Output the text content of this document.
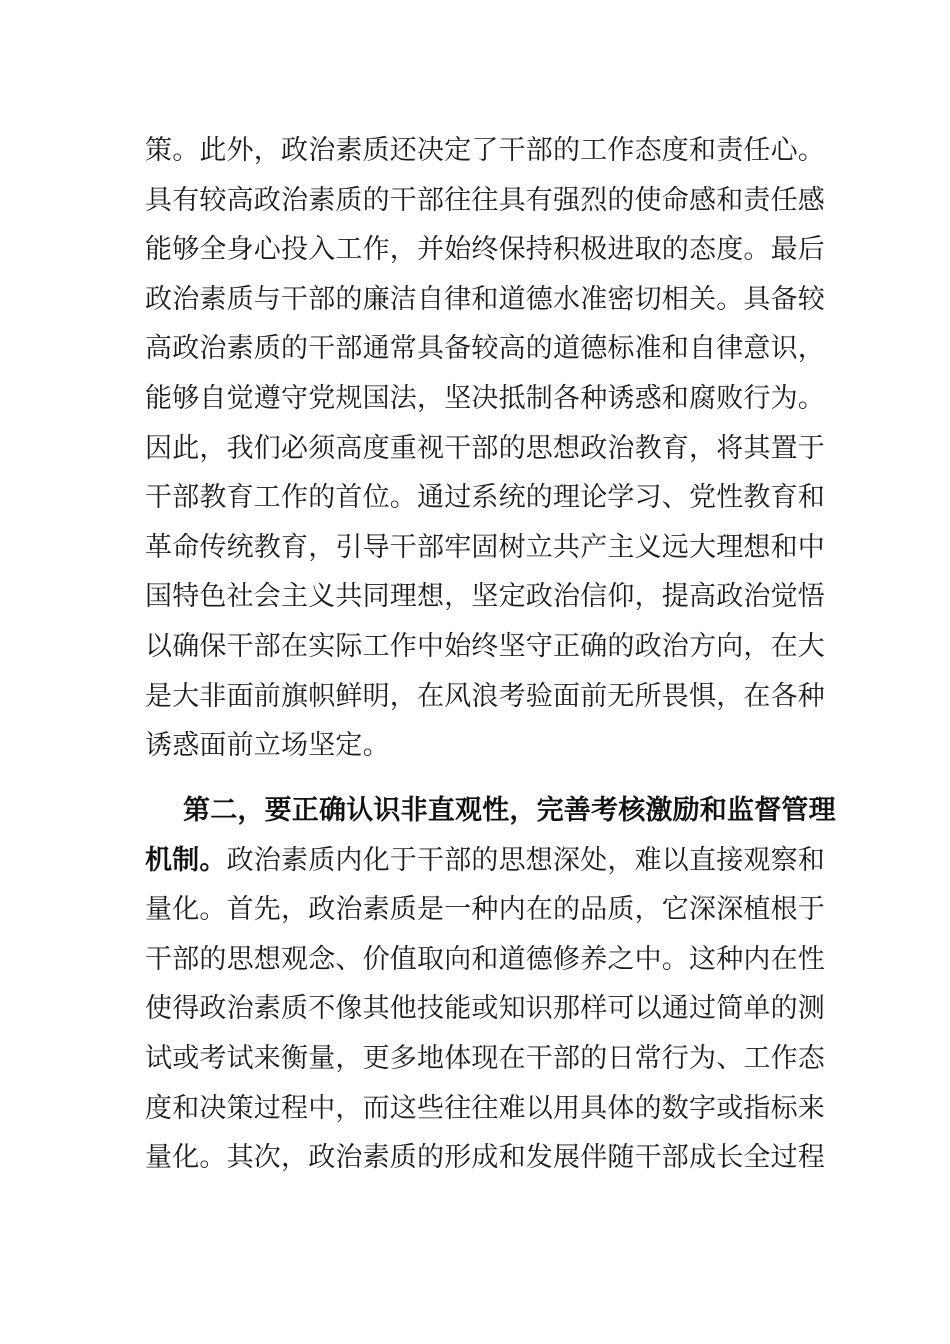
策。此外，政治素质还决定了干部的工作态度和责任心。
具有较高政治素质的干部往往具有强烈的使命感和责任感
能够全身心投入工作，并始终保持积极进取的态度。最后
政治素质与干部的廉洁自律和道德水准密切相关。具备较
高政治素质的干部通常具备较高的道德标准和自律意识，
能够自觉遵守党规国法，坚决抵制各种诱惑和腐败行为。
因此，我们必须高度重视干部的思想政治教育，将其置于
干部教育工作的首位。通过系统的理论学习、党性教育和
革命传统教育，引导干部牢固树立共产主义远大理想和中
国特色社会主义共同理想，坚定政治信仰，提高政治觉悟
以确保干部在实际工作中始终坚守正确的政治方向，在大
是大非面前旗帜鲜明，在风浪考验面前无所畏惧，在各种
诱惑面前立场坚定。
第二，要正确认识非直观性，完善考核激励和监督管理
机制。政治素质内化于干部的思想深处，难以直接观察和
量化。首先，政治素质是一种内在的品质，它深深植根于
干部的思想观念、价值取向和道德修养之中。这种内在性
使得政治素质不像其他技能或知识那样可以通过简单的测
试或考试来衡量，更多地体现在干部的日常行为、工作态
度和决策过程中，而这些往往难以用具体的数字或指标来
量化。其次，政治素质的形成和发展伴随干部成长全过程
